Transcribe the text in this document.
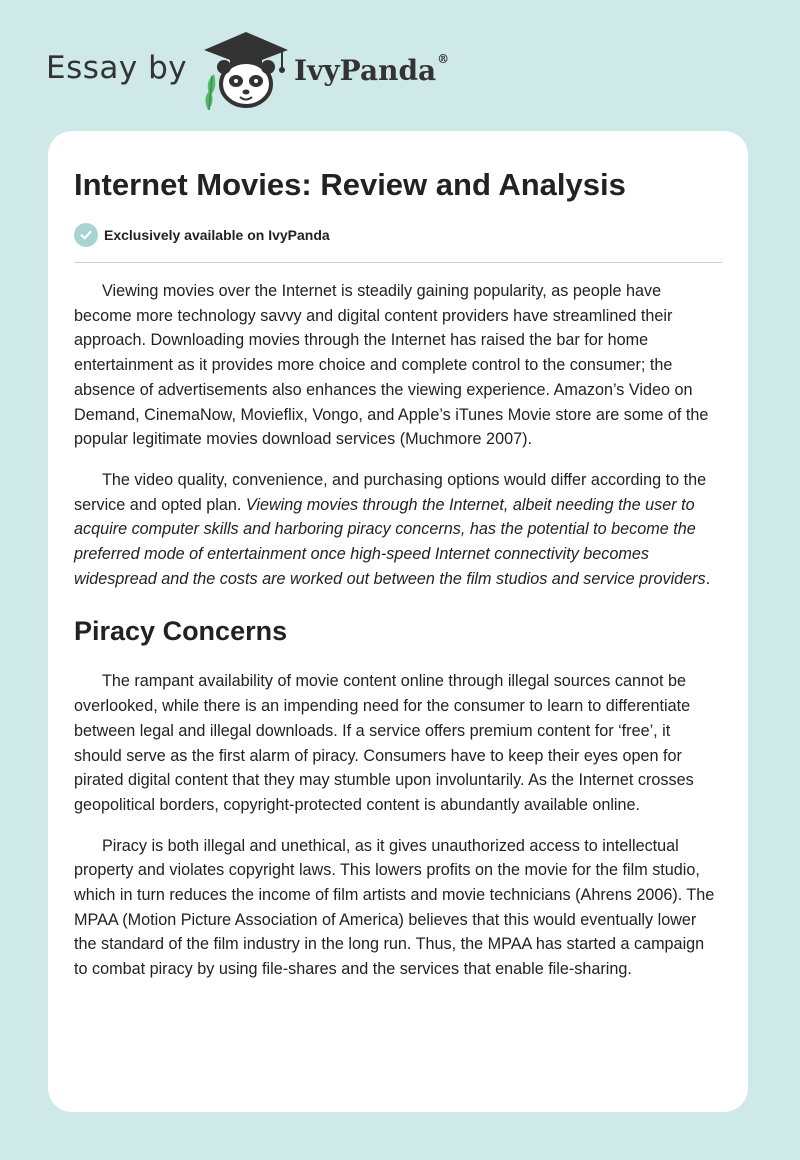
Essay by	IvyPanda®
Internet Movies: Review and Analysis
Exclusively available on IvyPanda

Viewing movies over the Internet is steadily gaining popularity, as people have become more technology savvy and digital content providers have streamlined their approach. Downloading movies through the Internet has raised the bar for home entertainment as it provides more choice and complete control to the consumer; the absence of advertisements also enhances the viewing experience. Amazon’s Video on Demand, CinemaNow, Movieflix, Vongo, and Apple’s iTunes Movie store are some of the popular legitimate movies download services (Muchmore 2007).

The video quality, convenience, and purchasing options would differ according to the service and opted plan. Viewing movies through the Internet, albeit needing the user to acquire computer skills and harboring piracy concerns, has the potential to become the preferred mode of entertainment once high-speed Internet connectivity becomes widespread and the costs are worked out between the film studios and service providers.

Piracy Concerns

The rampant availability of movie content online through illegal sources cannot be overlooked, while there is an impending need for the consumer to learn to differentiate between legal and illegal downloads. If a service offers premium content for ‘free’, it should serve as the first alarm of piracy. Consumers have to keep their eyes open for pirated digital content that they may stumble upon involuntarily. As the Internet crosses geopolitical borders, copyright-protected content is abundantly available online.

Piracy is both illegal and unethical, as it gives unauthorized access to intellectual property and violates copyright laws. This lowers profits on the movie for the film studio, which in turn reduces the income of film artists and movie technicians (Ahrens 2006). The MPAA (Motion Picture Association of America) believes that this would eventually lower the standard of the film industry in the long run. Thus, the MPAA has started a campaign to combat piracy by using file-shares and the services that enable file-sharing.
